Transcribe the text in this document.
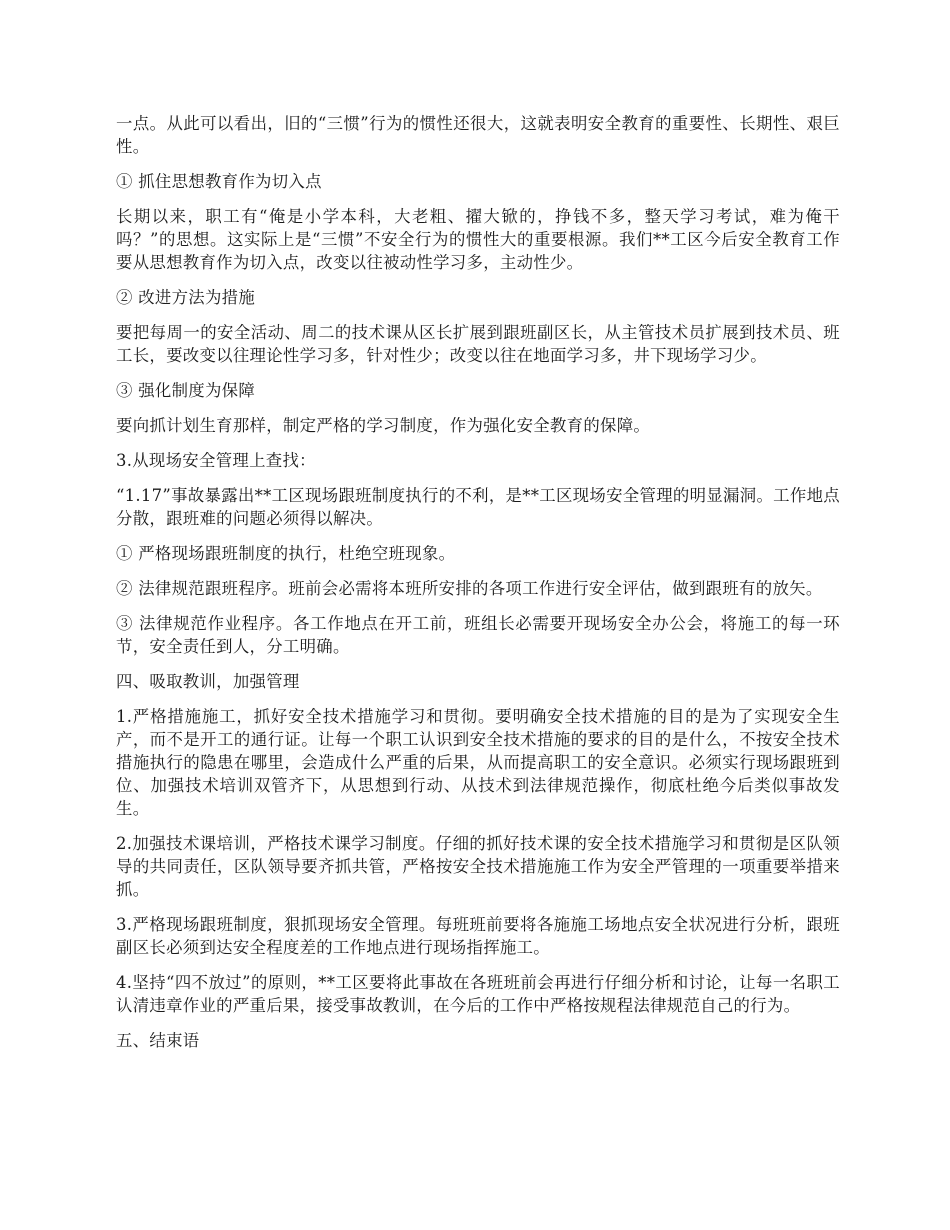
一点。从此可以看出，旧的“三惯”行为的惯性还很大，这就表明安全教育的重要性、长期性、艰巨性。

① 抓住思想教育作为切入点

长期以来，职工有“俺是小学本科，大老粗、擢大锨的，挣钱不多，整天学习考试，难为俺干吗？”的思想。这实际上是“三惯”不安全行为的惯性大的重要根源。我们**工区今后安全教育工作要从思想教育作为切入点，改变以往被动性学习多，主动性少。

② 改进方法为措施

要把每周一的安全活动、周二的技术课从区长扩展到跟班副区长，从主管技术员扩展到技术员、班工长，要改变以往理论性学习多，针对性少；改变以往在地面学习多，井下现场学习少。

③ 强化制度为保障

要向抓计划生育那样，制定严格的学习制度，作为强化安全教育的保障。

3.从现场安全管理上查找：

“1.17”事故暴露出**工区现场跟班制度执行的不利，是**工区现场安全管理的明显漏洞。工作地点分散，跟班难的问题必须得以解决。

① 严格现场跟班制度的执行，杜绝空班现象。

② 法律规范跟班程序。班前会必需将本班所安排的各项工作进行安全评估，做到跟班有的放矢。

③ 法律规范作业程序。各工作地点在开工前，班组长必需要开现场安全办公会，将施工的每一环节，安全责任到人，分工明确。

四、吸取教训，加强管理

1.严格措施施工，抓好安全技术措施学习和贯彻。要明确安全技术措施的目的是为了实现安全生产，而不是开工的通行证。让每一个职工认识到安全技术措施的要求的目的是什么，不按安全技术措施执行的隐患在哪里，会造成什么严重的后果，从而提高职工的安全意识。必须实行现场跟班到位、加强技术培训双管齐下，从思想到行动、从技术到法律规范操作，彻底杜绝今后类似事故发生。

2.加强技术课培训，严格技术课学习制度。仔细的抓好技术课的安全技术措施学习和贯彻是区队领导的共同责任，区队领导要齐抓共管，严格按安全技术措施施工作为安全严管理的一项重要举措来抓。

3.严格现场跟班制度，狠抓现场安全管理。每班班前要将各施施工场地点安全状况进行分析，跟班副区长必须到达安全程度差的工作地点进行现场指挥施工。

4.坚持“四不放过”的原则，**工区要将此事故在各班班前会再进行仔细分析和讨论，让每一名职工认清违章作业的严重后果，接受事故教训，在今后的工作中严格按规程法律规范自己的行为。

五、结束语
